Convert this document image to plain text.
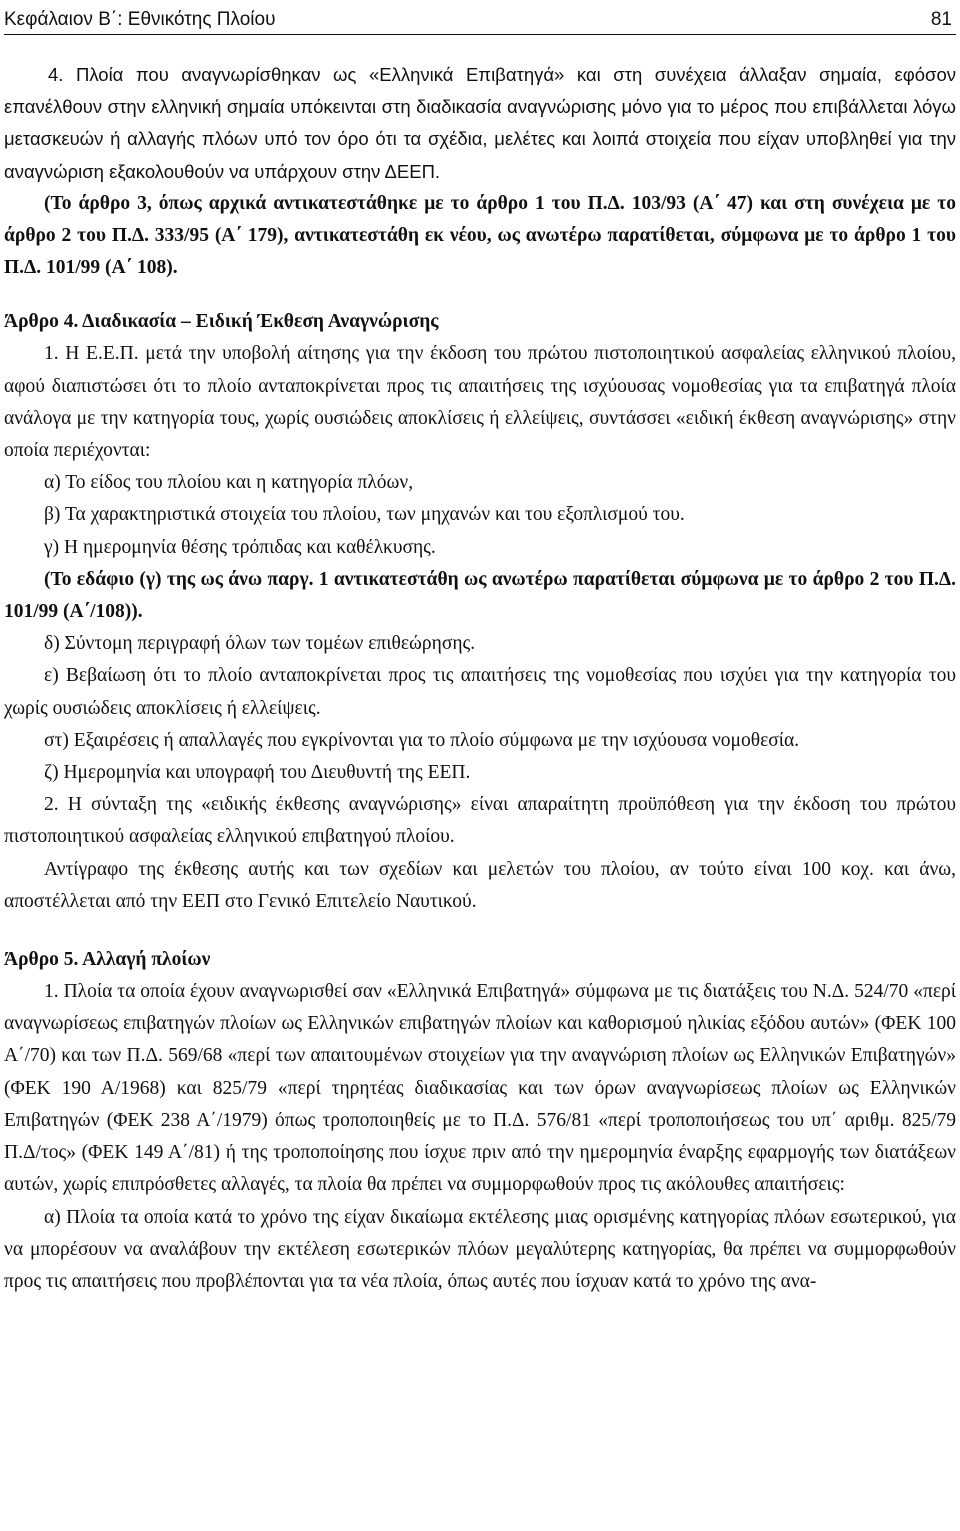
Κεφάλαιον Β΄: Εθνικότης Πλοίου	81

4. Πλοία που αναγνωρίσθηκαν ως «Ελληνικά Επιβατηγά» και στη συνέχεια άλλαξαν σημαία, εφόσον επανέλθουν στην ελληνική σημαία υπόκεινται στη διαδικασία αναγνώρισης μόνο για το μέρος που επιβάλλεται λόγω μετασκευών ή αλλαγής πλόων υπό τον όρο ότι τα σχέδια, μελέτες και λοιπά στοιχεία που είχαν υποβληθεί για την αναγνώριση εξακολουθούν να υπάρχουν στην ΔΕΕΠ.

(Το άρθρο 3, όπως αρχικά αντικατεστάθηκε με το άρθρο 1 του Π.Δ. 103/93 (Α΄ 47) και στη συνέχεια με το άρθρο 2 του Π.Δ. 333/95 (Α΄ 179), αντικατεστάθη εκ νέου, ως ανωτέρω παρατίθεται, σύμφωνα με το άρθρο 1 του Π.Δ. 101/99 (Α΄ 108).

Άρθρο 4. Διαδικασία – Ειδική Έκθεση Αναγνώρισης

1. Η Ε.Ε.Π. μετά την υποβολή αίτησης για την έκδοση του πρώτου πιστοποιητικού ασφαλείας ελληνικού πλοίου, αφού διαπιστώσει ότι το πλοίο ανταποκρίνεται προς τις απαιτήσεις της ισχύουσας νομοθεσίας για τα επιβατηγά πλοία ανάλογα με την κατηγορία τους, χωρίς ουσιώδεις αποκλίσεις ή ελλείψεις, συντάσσει «ειδική έκθεση αναγνώρισης» στην οποία περιέχονται:

α) Το είδος του πλοίου και η κατηγορία πλόων,

β) Τα χαρακτηριστικά στοιχεία του πλοίου, των μηχανών και του εξοπλισμού του.

γ) Η ημερομηνία θέσης τρόπιδας και καθέλκυσης.

(Το εδάφιο (γ) της ως άνω παργ. 1 αντικατεστάθη ως ανωτέρω παρατίθεται σύμφωνα με το άρθρο 2 του Π.Δ. 101/99 (Α΄/108)).

δ) Σύντομη περιγραφή όλων των τομέων επιθεώρησης.

ε) Βεβαίωση ότι το πλοίο ανταποκρίνεται προς τις απαιτήσεις της νομοθεσίας που ισχύει για την κατηγορία του χωρίς ουσιώδεις αποκλίσεις ή ελλείψεις.

στ) Εξαιρέσεις ή απαλλαγές που εγκρίνονται για το πλοίο σύμφωνα με την ισχύουσα νομοθεσία.

ζ) Ημερομηνία και υπογραφή του Διευθυντή της ΕΕΠ.

2. Η σύνταξη της «ειδικής έκθεσης αναγνώρισης» είναι απαραίτητη προϋπόθεση για την έκδοση του πρώτου πιστοποιητικού ασφαλείας ελληνικού επιβατηγού πλοίου.

Αντίγραφο της έκθεσης αυτής και των σχεδίων και μελετών του πλοίου, αν τούτο είναι 100 κοχ. και άνω, αποστέλλεται από την ΕΕΠ στο Γενικό Επιτελείο Ναυτικού.

Άρθρο 5. Αλλαγή πλοίων

1. Πλοία τα οποία έχουν αναγνωρισθεί σαν «Ελληνικά Επιβατηγά» σύμφωνα με τις διατάξεις του Ν.Δ. 524/70 «περί αναγνωρίσεως επιβατηγών πλοίων ως Ελληνικών επιβατηγών πλοίων και καθορισμού ηλικίας εξόδου αυτών» (ΦΕΚ 100 Α΄/70) και των Π.Δ. 569/68 «περί των απαιτουμένων στοιχείων για την αναγνώριση πλοίων ως Ελληνικών Επιβατηγών» (ΦΕΚ 190 Α/1968) και 825/79 «περί τηρητέας διαδικασίας και των όρων αναγνωρίσεως πλοίων ως Ελληνικών Επιβατηγών (ΦΕΚ 238 Α΄/1979) όπως τροποποιηθείς με το Π.Δ. 576/81 «περί τροποποιήσεως του υπ΄ αριθμ. 825/79 Π.Δ/τος» (ΦΕΚ 149 Α΄/81) ή της τροποποίησης που ίσχυε πριν από την ημερομηνία έναρξης εφαρμογής των διατάξεων αυτών, χωρίς επιπρόσθετες αλλαγές, τα πλοία θα πρέπει να συμμορφωθούν προς τις ακόλουθες απαιτήσεις:

α) Πλοία τα οποία κατά το χρόνο της είχαν δικαίωμα εκτέλεσης μιας ορισμένης κατηγορίας πλόων εσωτερικού, για να μπορέσουν να αναλάβουν την εκτέλεση εσωτερικών πλόων μεγαλύτερης κατηγορίας, θα πρέπει να συμμορφωθούν προς τις απαιτήσεις που προβλέπονται για τα νέα πλοία, όπως αυτές που ίσχυαν κατά το χρόνο της ανα-
